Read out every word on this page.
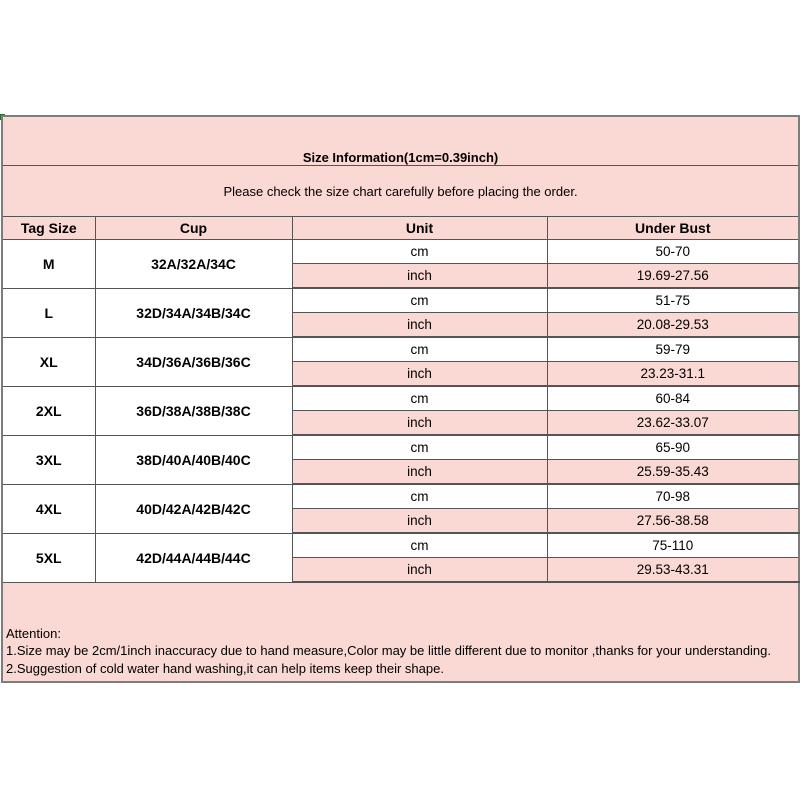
Size Information(1cm=0.39inch)			
Please check the size chart carefully before placing the order.			
Tag Size	Cup	Unit	Under Bust
M	32A/32A/34C	cm	50-70
		inch	19.69-27.56
L	32D/34A/34B/34C	cm	51-75
		inch	20.08-29.53
XL	34D/36A/36B/36C	cm	59-79
		inch	23.23-31.1
2XL	36D/38A/38B/38C	cm	60-84
		inch	23.62-33.07
3XL	38D/40A/40B/40C	cm	65-90
		inch	25.59-35.43
4XL	40D/42A/42B/42C	cm	70-98
		inch	27.56-38.58
5XL	42D/44A/44B/44C	cm	75-110
		inch	29.53-43.31

Attention:
1.Size may be 2cm/1inch inaccuracy due to hand measure,Color may be little different due to monitor ,thanks for your understanding.
2.Suggestion of cold water hand washing,it can help items keep their shape.			
